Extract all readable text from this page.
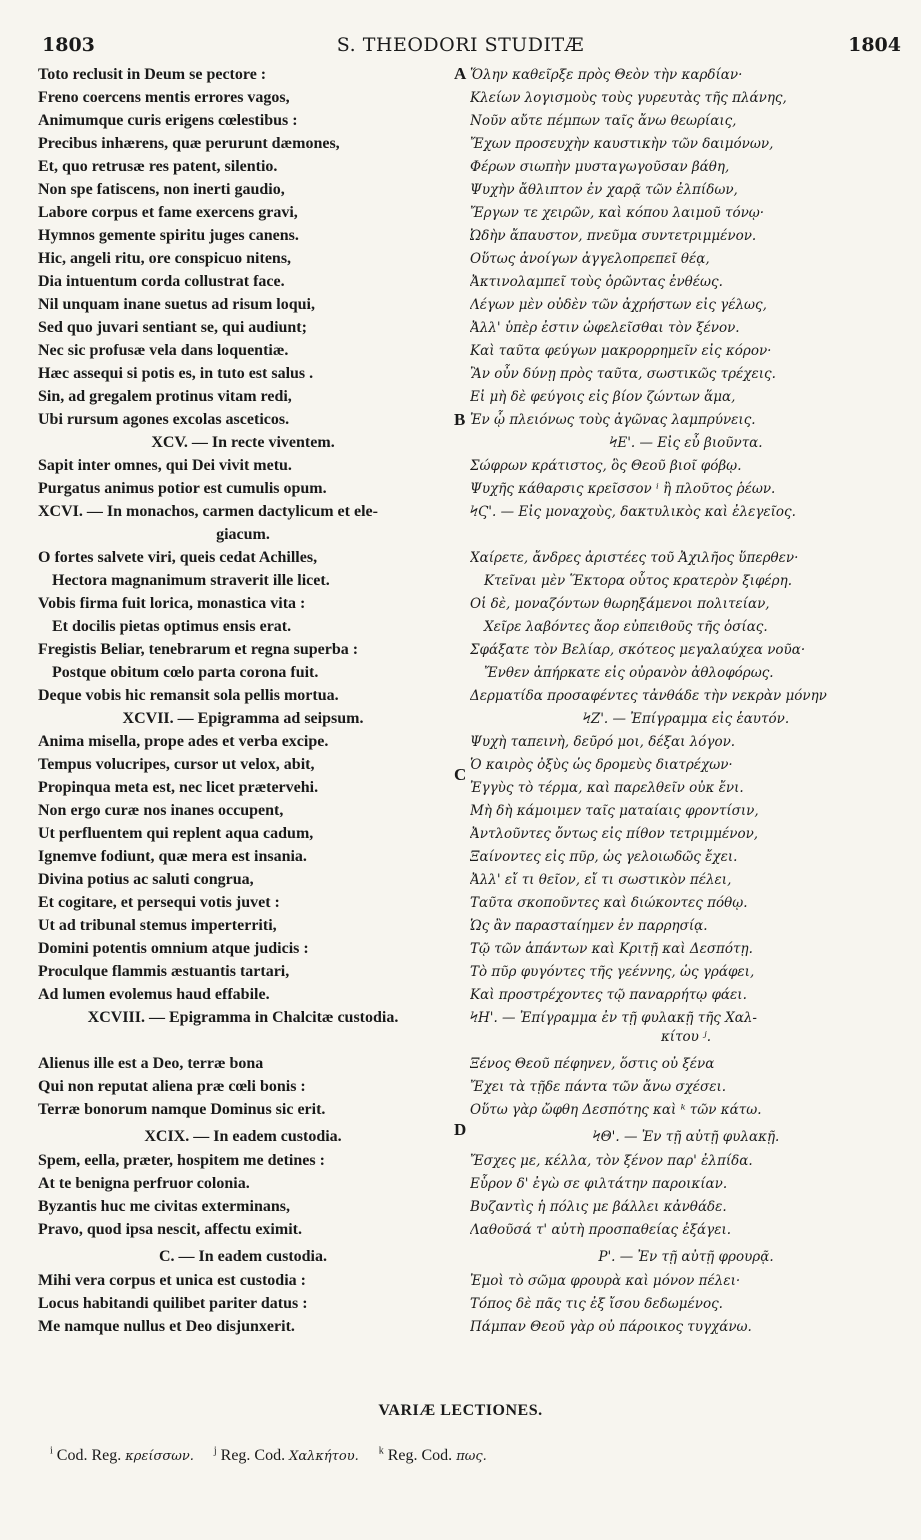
1803	S. THEODORI STUDITÆ	1804
Toto reclusit in Deum se pectore :
Freno coercens mentis errores vagos,
Animumque curis erigens cœlestibus :
Precibus inhærens, quæ perurunt dæmones,
Et, quo retrusæ res patent, silentio.
Non spe fatiscens, non inerti gaudio,
Labore corpus et fame exercens gravi,
Hymnos gemente spiritu juges canens.
Hic, angeli ritu, ore conspicuo nitens,
Dia intuentum corda collustrat face.
Nil unquam inane suetus ad risum loqui,
Sed quo juvari sentiant se, qui audiunt;
Nec sic profusæ vela dans loquentiæ.
Hæc assequi si potis es, in tuto est salus .
Sin, ad gregalem protinus vitam redi,
Ubi rursum agones excolas asceticos.
XCV. — In recte viventem.
Sapit inter omnes, qui Dei vivit metu.
Purgatus animus potior est cumulis opum.
XCVI. — In monachos, carmen dactylicum et ele-
giacum.
O fortes salvete viri, queis cedat Achilles,
Hectora magnanimum straverit ille licet.
Vobis firma fuit lorica, monastica vita :
Et docilis pietas optimus ensis erat.
Fregistis Beliar, tenebrarum et regna superba :
Postque obitum cœlo parta corona fuit.
Deque vobis hic remansit sola pellis mortua.
XCVII. — Epigramma ad seipsum.
Anima misella, prope ades et verba excipe.
Tempus volucripes, cursor ut velox, abit,
Propinqua meta est, nec licet prætervehi.
Non ergo curæ nos inanes occupent,
Ut perfluentem qui replent aqua cadum,
Ignemve fodiunt, quæ mera est insania.
Divina potius ac saluti congrua,
Et cogitare, et persequi votis juvet :
Ut ad tribunal stemus imperterriti,
Domini potentis omnium atque judicis :
Proculque flammis æstuantis tartari,
Ad lumen evolemus haud effabile.
XCVIII. — Epigramma in Chalcitæ custodia.
Alienus ille est a Deo, terræ bona
Qui non reputat aliena præ cœli bonis :
Terræ bonorum namque Dominus sic erit.
XCIX. — In eadem custodia.
Spem, eella, præter, hospitem me detines :
At te benigna perfruor colonia.
Byzantis huc me civitas exterminans,
Pravo, quod ipsa nescit, affectu eximit.
C. — In eadem custodia.
Mihi vera corpus et unica est custodia :
Locus habitandi quilibet pariter datus :
Me namque nullus et Deo disjunxerit.
A
B
C
D
Ὅλην καθεῖρξε πρὸς Θεὸν τὴν καρδίαν·
Κλείων λογισμοὺς τοὺς γυρευτὰς τῆς πλάνης,
Νοῦν αὔτε πέμπων ταῖς ἄνω θεωρίαις,
Ἔχων προσευχὴν καυστικὴν τῶν δαιμόνων,
Φέρων σιωπὴν μυσταγωγοῦσαν βάθη,
Ψυχὴν ἄθλιπτον ἐν χαρᾷ τῶν ἐλπίδων,
Ἔργων τε χειρῶν, καὶ κόπου λαιμοῦ τόνῳ·
Ὠδὴν ἄπαυστον, πνεῦμα συντετριμμένον.
Οὕτως ἀνοίγων ἀγγελοπρεπεῖ θέᾳ,
Ἀκτινολαμπεῖ τοὺς ὁρῶντας ἐνθέως.
Λέγων μὲν οὐδὲν τῶν ἀχρήστων εἰς γέλως,
Ἀλλ' ὑπὲρ ἐστιν ὠφελεῖσθαι τὸν ξένον.
Καὶ ταῦτα φεύγων μακρορρημεῖν εἰς κόρον·
Ἂν οὖν δύνῃ πρὸς ταῦτα, σωστικῶς τρέχεις.
Εἰ μὴ δὲ φεύγοις εἰς βίον ζώντων ἅμα,
Ἐν ᾧ πλειόνως τοὺς ἀγῶνας λαμπρύνεις.
ϞΕ'. — Εἰς εὖ βιοῦντα.
Σώφρων κράτιστος, ὃς Θεοῦ βιοῖ φόβῳ.
Ψυχῆς κάθαρσις κρεῖσσον ⁱ ἢ πλοῦτος ῥέων.
ϞϚ'. — Εἰς μοναχοὺς, δακτυλικὸς καὶ ἐλεγεῖος.
Χαίρετε, ἄνδρες ἀριστέες τοῦ Ἀχιλῆος ὕπερθεν·
Κτεῖναι μὲν Ἕκτορα οὗτος κρατερὸν ξιφέρη.
Οἱ δὲ, μοναζόντων θωρηξάμενοι πολιτείαν,
Χεῖρε λαβόντες ἄορ εὐπειθοῦς τῆς ὁσίας.
Σφάξατε τὸν Βελίαρ, σκότεος μεγαλαύχεα νοῦα·
Ἔνθεν ἀπήρκατε εἰς οὐρανὸν ἀθλοφόρως.
Δερματίδα προσαφέντες τἀνθάδε τὴν νεκρὰν μόνην
ϞΖ'. — Ἐπίγραμμα εἰς ἑαυτόν.
Ψυχὴ ταπεινὴ, δεῦρό μοι, δέξαι λόγον.
Ὁ καιρὸς ὀξὺς ὡς δρομεὺς διατρέχων·
Ἐγγὺς τὸ τέρμα, καὶ παρελθεῖν οὐκ ἔνι.
Μὴ δὴ κάμοιμεν ταῖς ματαίαις φροντίσιν,
Ἀντλοῦντες ὄντως εἰς πίθον τετριμμένον,
Ξαίνοντες εἰς πῦρ, ὡς γελοιωδῶς ἔχει.
Ἀλλ' εἴ τι θεῖον, εἴ τι σωστικὸν πέλει,
Ταῦτα σκοποῦντες καὶ διώκοντες πόθῳ.
Ὡς ἂν παρασταίημεν ἐν παρρησίᾳ.
Τῷ τῶν ἁπάντων καὶ Κριτῇ καὶ Δεσπότῃ.
Τὸ πῦρ φυγόντες τῆς γεέννης, ὡς γράφει,
Καὶ προστρέχοντες τῷ παναρρήτῳ φάει.
ϞΗ'. — Ἐπίγραμμα ἐν τῇ φυλακῇ τῆς Χαλ-
κίτου ʲ.
Ξένος Θεοῦ πέφηνεν, ὅστις οὐ ξένα
Ἔχει τὰ τῇδε πάντα τῶν ἄνω σχέσει.
Οὕτω γὰρ ὤφθη Δεσπότης καὶ ᵏ τῶν κάτω.
ϞΘ'. — Ἐν τῇ αὐτῇ φυλακῇ.
Ἔσχες με, κέλλα, τὸν ξένον παρ' ἐλπίδα.
Εὗρον δ' ἐγὼ σε φιλτάτην παροικίαν.
Βυζαντὶς ἡ πόλις με βάλλει κἀνθάδε.
Λαθοῦσά τ' αὐτὴ προσπαθείας ἐξάγει.
Ρ'. — Ἐν τῇ αὐτῇ φρουρᾷ.
Ἐμοὶ τὸ σῶμα φρουρὰ καὶ μόνον πέλει·
Τόπος δὲ πᾶς τις ἐξ ἴσου δεδωμένος.
Πάμπαν Θεοῦ γὰρ οὐ πάροικος τυγχάνω.
VARIÆ LECTIONES.
$^i$ Cod. Reg. κρείσσων. $^j$ Reg. Cod. Χαλκήτου. $^k$ Reg. Cod. πως.
